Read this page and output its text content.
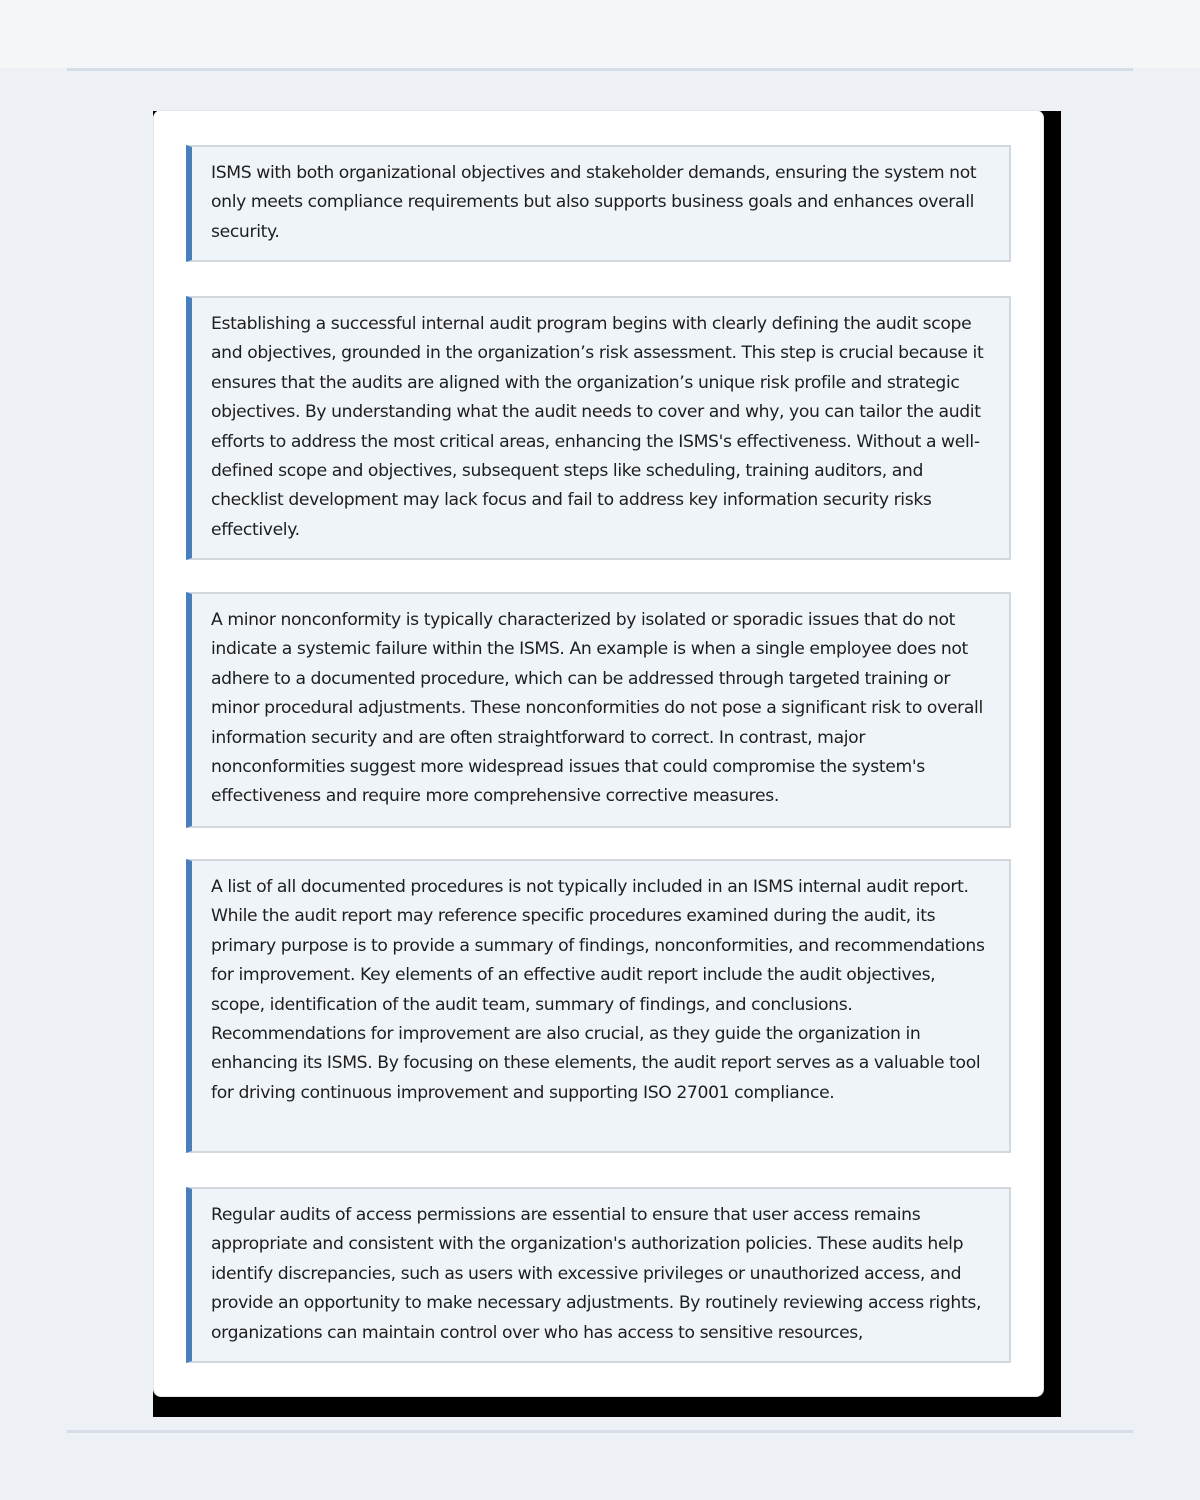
ISMS with both organizational objectives and stakeholder demands, ensuring the system not only meets compliance requirements but also supports business goals and enhances overall security.

Establishing a successful internal audit program begins with clearly defining the audit scope and objectives, grounded in the organization’s risk assessment. This step is crucial because it ensures that the audits are aligned with the organization’s unique risk profile and strategic objectives. By understanding what the audit needs to cover and why, you can tailor the audit efforts to address the most critical areas, enhancing the ISMS's effectiveness. Without a well-defined scope and objectives, subsequent steps like scheduling, training auditors, and checklist development may lack focus and fail to address key information security risks effectively.

A minor nonconformity is typically characterized by isolated or sporadic issues that do not indicate a systemic failure within the ISMS. An example is when a single employee does not adhere to a documented procedure, which can be addressed through targeted training or minor procedural adjustments. These nonconformities do not pose a significant risk to overall information security and are often straightforward to correct. In contrast, major nonconformities suggest more widespread issues that could compromise the system's effectiveness and require more comprehensive corrective measures.

A list of all documented procedures is not typically included in an ISMS internal audit report. While the audit report may reference specific procedures examined during the audit, its primary purpose is to provide a summary of findings, nonconformities, and recommendations for improvement. Key elements of an effective audit report include the audit objectives, scope, identification of the audit team, summary of findings, and conclusions. Recommendations for improvement are also crucial, as they guide the organization in enhancing its ISMS. By focusing on these elements, the audit report serves as a valuable tool for driving continuous improvement and supporting ISO 27001 compliance.

Regular audits of access permissions are essential to ensure that user access remains appropriate and consistent with the organization's authorization policies. These audits help identify discrepancies, such as users with excessive privileges or unauthorized access, and provide an opportunity to make necessary adjustments. By routinely reviewing access rights, organizations can maintain control over who has access to sensitive resources,
